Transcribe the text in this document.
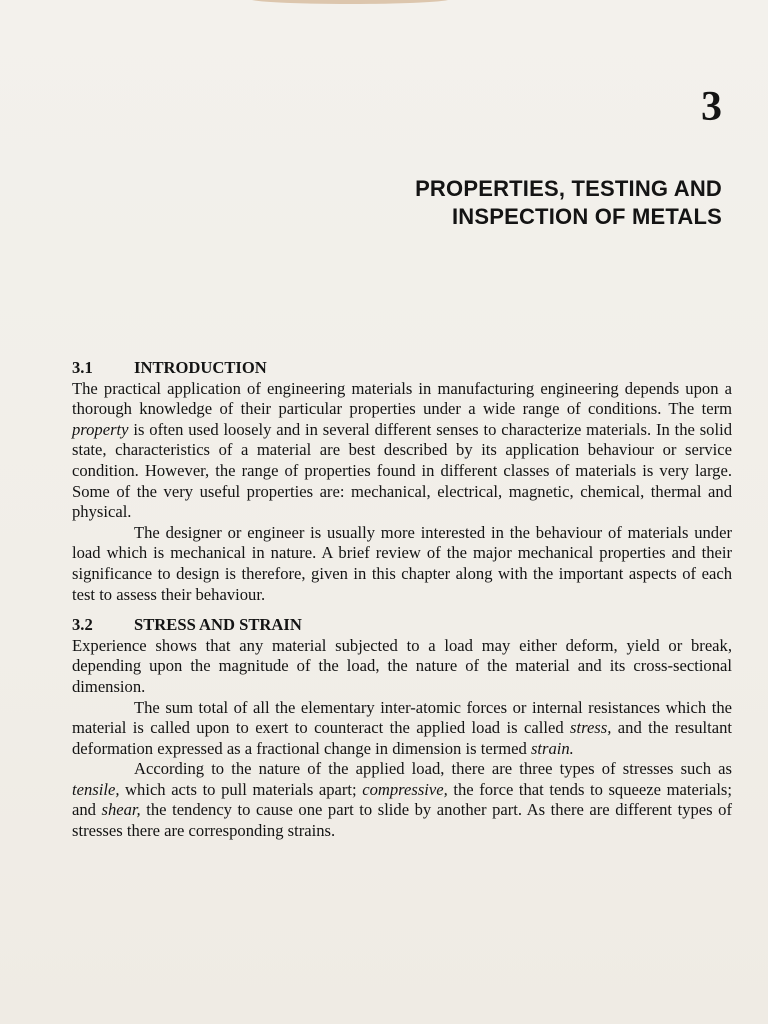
3
PROPERTIES, TESTING AND
INSPECTION OF METALS
3.1 INTRODUCTION

The practical application of engineering materials in manufacturing engineering depends upon a thorough knowledge of their particular properties under a wide range of conditions. The term property is often used loosely and in several different senses to characterize materials. In the solid state, characteristics of a material are best described by its application behaviour or service condition. However, the range of properties found in different classes of materials is very large. Some of the very useful properties are: mechanical, electrical, magnetic, chemical, thermal and physical.

The designer or engineer is usually more interested in the behaviour of materials under load which is mechanical in nature. A brief review of the major mechanical properties and their significance to design is therefore, given in this chapter along with the important aspects of each test to assess their behaviour.

3.2 STRESS AND STRAIN

Experience shows that any material subjected to a load may either deform, yield or break, depending upon the magnitude of the load, the nature of the material and its cross-sectional dimension.

The sum total of all the elementary inter-atomic forces or internal resistances which the material is called upon to exert to counteract the applied load is called stress, and the resultant deformation expressed as a fractional change in dimension is termed strain.

According to the nature of the applied load, there are three types of stresses such as tensile, which acts to pull materials apart; compressive, the force that tends to squeeze materials; and shear, the tendency to cause one part to slide by another part. As there are different types of stresses there are corresponding strains.
